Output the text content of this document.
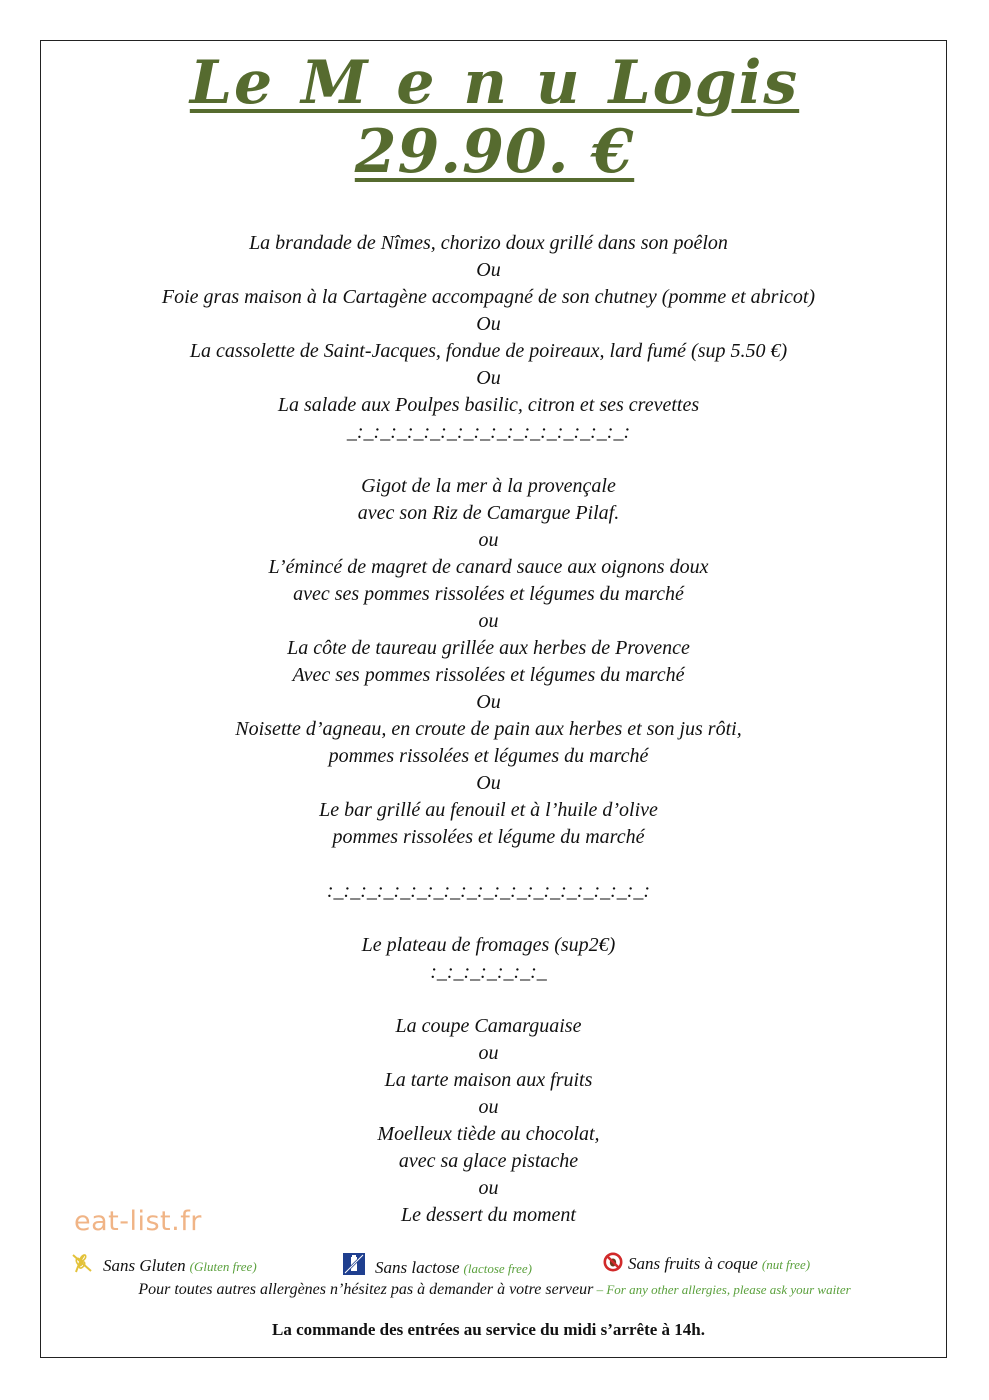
Le M e n u Logis
29.90. €
La brandade de Nîmes, chorizo doux grillé dans son poêlon
Ou
Foie gras maison à la Cartagène accompagné de son chutney (pomme et abricot)
Ou
La cassolette de Saint-Jacques, fondue de poireaux, lard fumé (sup 5.50 €)
Ou
La salade aux Poulpes basilic, citron et ses crevettes
_:_:_:_:_:_:_:_:_:_:_:_:_:_:_:_:_:
Gigot de la mer à la provençale
avec son Riz de Camargue Pilaf.
ou
L’émincé de magret de canard sauce aux oignons doux
avec ses pommes rissolées et légumes du marché
ou
La côte de taureau grillée aux herbes de Provence
Avec ses pommes rissolées et légumes du marché
Ou
Noisette d’agneau, en croute de pain aux herbes et son jus rôti,
pommes rissolées et légumes du marché
Ou
Le bar grillé au fenouil et à l’huile d’olive
pommes rissolées et légume du marché
:_:_:_:_:_:_:_:_:_:_:_:_:_:_:_:_:_:_:_:
Le plateau de fromages (sup2€)
:_:_:_:_:_:_:_
La coupe Camarguaise
ou
La tarte maison aux fruits
ou
Moelleux tiède au chocolat,
avec sa glace pistache
ou
Le dessert du moment
eat-list.fr
Sans Gluten (Gluten free)	Sans lactose (lactose free)	Sans fruits à coque (nut free)
Pour toutes autres allergènes n’hésitez pas à demander à votre serveur – For any other allergies, please ask your waiter
La commande des entrées au service du midi s’arrête à 14h.
